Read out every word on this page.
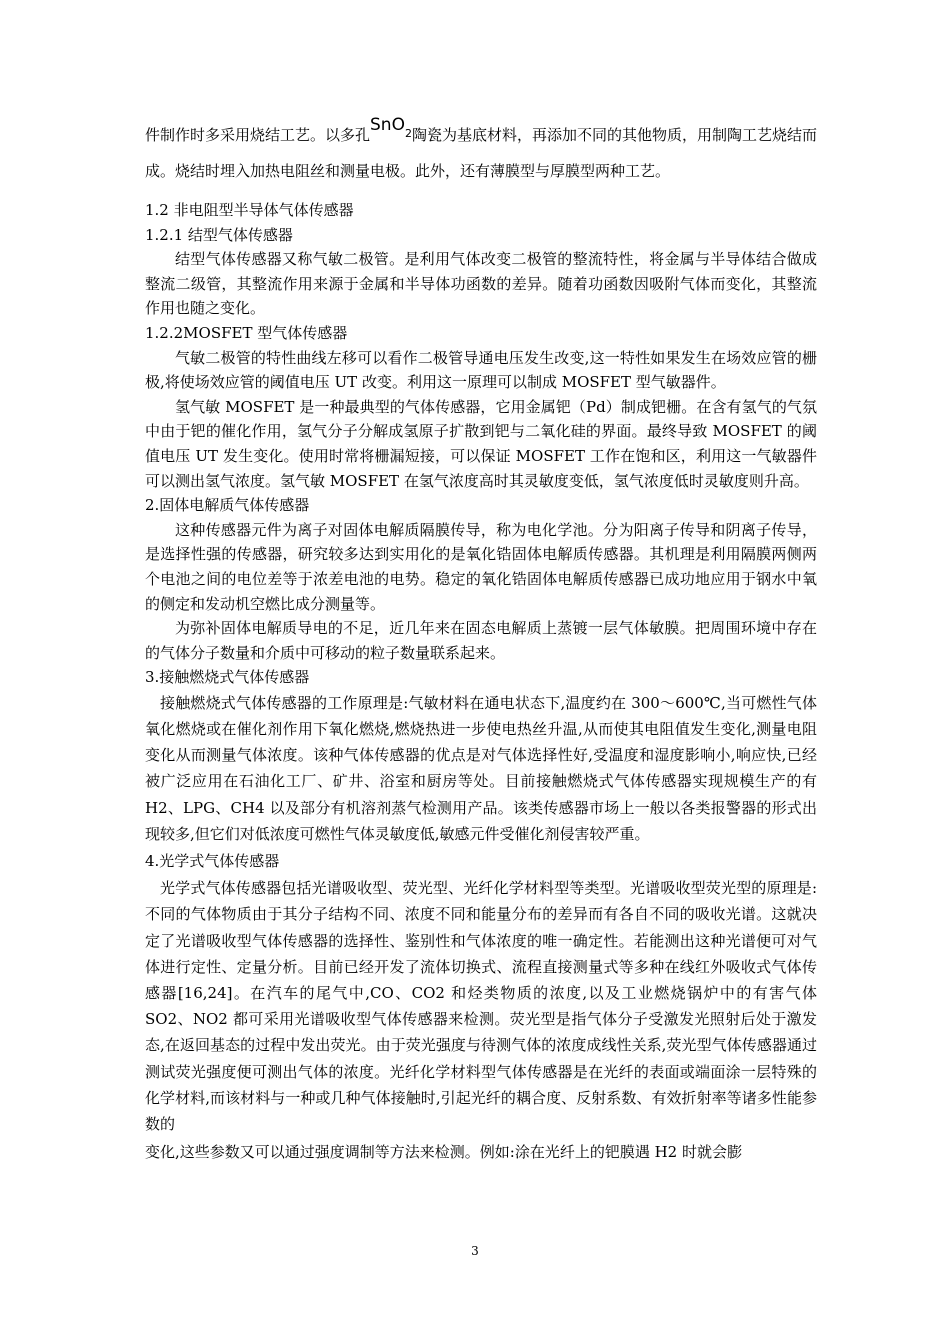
件制作时多采用烧结工艺。以多孔SnO$^2$陶瓷为基底材料，再添加不同的其他物质，用制陶工艺烧结而成。烧结时埋入加热电阻丝和测量电极。此外，还有薄膜型与厚膜型两种工艺。

1.2 非电阻型半导体气体传感器

1.2.1 结型气体传感器

结型气体传感器又称气敏二极管。是利用气体改变二极管的整流特性，将金属与半导体结合做成整流二级管，其整流作用来源于金属和半导体功函数的差异。随着功函数因吸附气体而变化，其整流作用也随之变化。

1.2.2MOSFET 型气体传感器

气敏二极管的特性曲线左移可以看作二极管导通电压发生改变,这一特性如果发生在场效应管的栅极,将使场效应管的阈值电压 UT 改变。利用这一原理可以制成 MOSFET 型气敏器件。

氢气敏 MOSFET 是一种最典型的气体传感器，它用金属钯（Pd）制成钯栅。在含有氢气的气氛中由于钯的催化作用，氢气分子分解成氢原子扩散到钯与二氧化硅的界面。最终导致 MOSFET 的阈值电压 UT 发生变化。使用时常将栅漏短接，可以保证 MOSFET 工作在饱和区，利用这一气敏器件可以测出氢气浓度。氢气敏 MOSFET 在氢气浓度高时其灵敏度变低，氢气浓度低时灵敏度则升高。

2.固体电解质气体传感器

这种传感器元件为离子对固体电解质隔膜传导，称为电化学池。分为阳离子传导和阴离子传导，是选择性强的传感器，研究较多达到实用化的是氧化锆固体电解质传感器。其机理是利用隔膜两侧两个电池之间的电位差等于浓差电池的电势。稳定的氧化锆固体电解质传感器已成功地应用于钢水中氧的侧定和发动机空燃比成分测量等。

为弥补固体电解质导电的不足，近几年来在固态电解质上蒸镀一层气体敏膜。把周围环境中存在的气体分子数量和介质中可移动的粒子数量联系起来。

3.接触燃烧式气体传感器

接触燃烧式气体传感器的工作原理是:气敏材料在通电状态下,温度约在 300～600℃,当可燃性气体氧化燃烧或在催化剂作用下氧化燃烧,燃烧热进一步使电热丝升温,从而使其电阻值发生变化,测量电阻变化从而测量气体浓度。该种气体传感器的优点是对气体选择性好,受温度和湿度影响小,响应快,已经被广泛应用在石油化工厂、矿井、浴室和厨房等处。目前接触燃烧式气体传感器实现规模生产的有 H2、LPG、CH4 以及部分有机溶剂蒸气检测用产品。该类传感器市场上一般以各类报警器的形式出现较多,但它们对低浓度可燃性气体灵敏度低,敏感元件受催化剂侵害较严重。

4.光学式气体传感器

光学式气体传感器包括光谱吸收型、荧光型、光纤化学材料型等类型。光谱吸收型荧光型的原理是:不同的气体物质由于其分子结构不同、浓度不同和能量分布的差异而有各自不同的吸收光谱。这就决定了光谱吸收型气体传感器的选择性、鉴别性和气体浓度的唯一确定性。若能测出这种光谱便可对气体进行定性、定量分析。目前已经开发了流体切换式、流程直接测量式等多种在线红外吸收式气体传感器[16,24]。在汽车的尾气中,CO、CO2 和烃类物质的浓度,以及工业燃烧锅炉中的有害气体 SO2、NO2 都可采用光谱吸收型气体传感器来检测。荧光型是指气体分子受激发光照射后处于激发态,在返回基态的过程中发出荧光。由于荧光强度与待测气体的浓度成线性关系,荧光型气体传感器通过测试荧光强度便可测出气体的浓度。光纤化学材料型气体传感器是在光纤的表面或端面涂一层特殊的化学材料,而该材料与一种或几种气体接触时,引起光纤的耦合度、反射系数、有效折射率等诸多性能参数的

变化,这些参数又可以通过强度调制等方法来检测。例如:涂在光纤上的钯膜遇 H2 时就会膨

3
